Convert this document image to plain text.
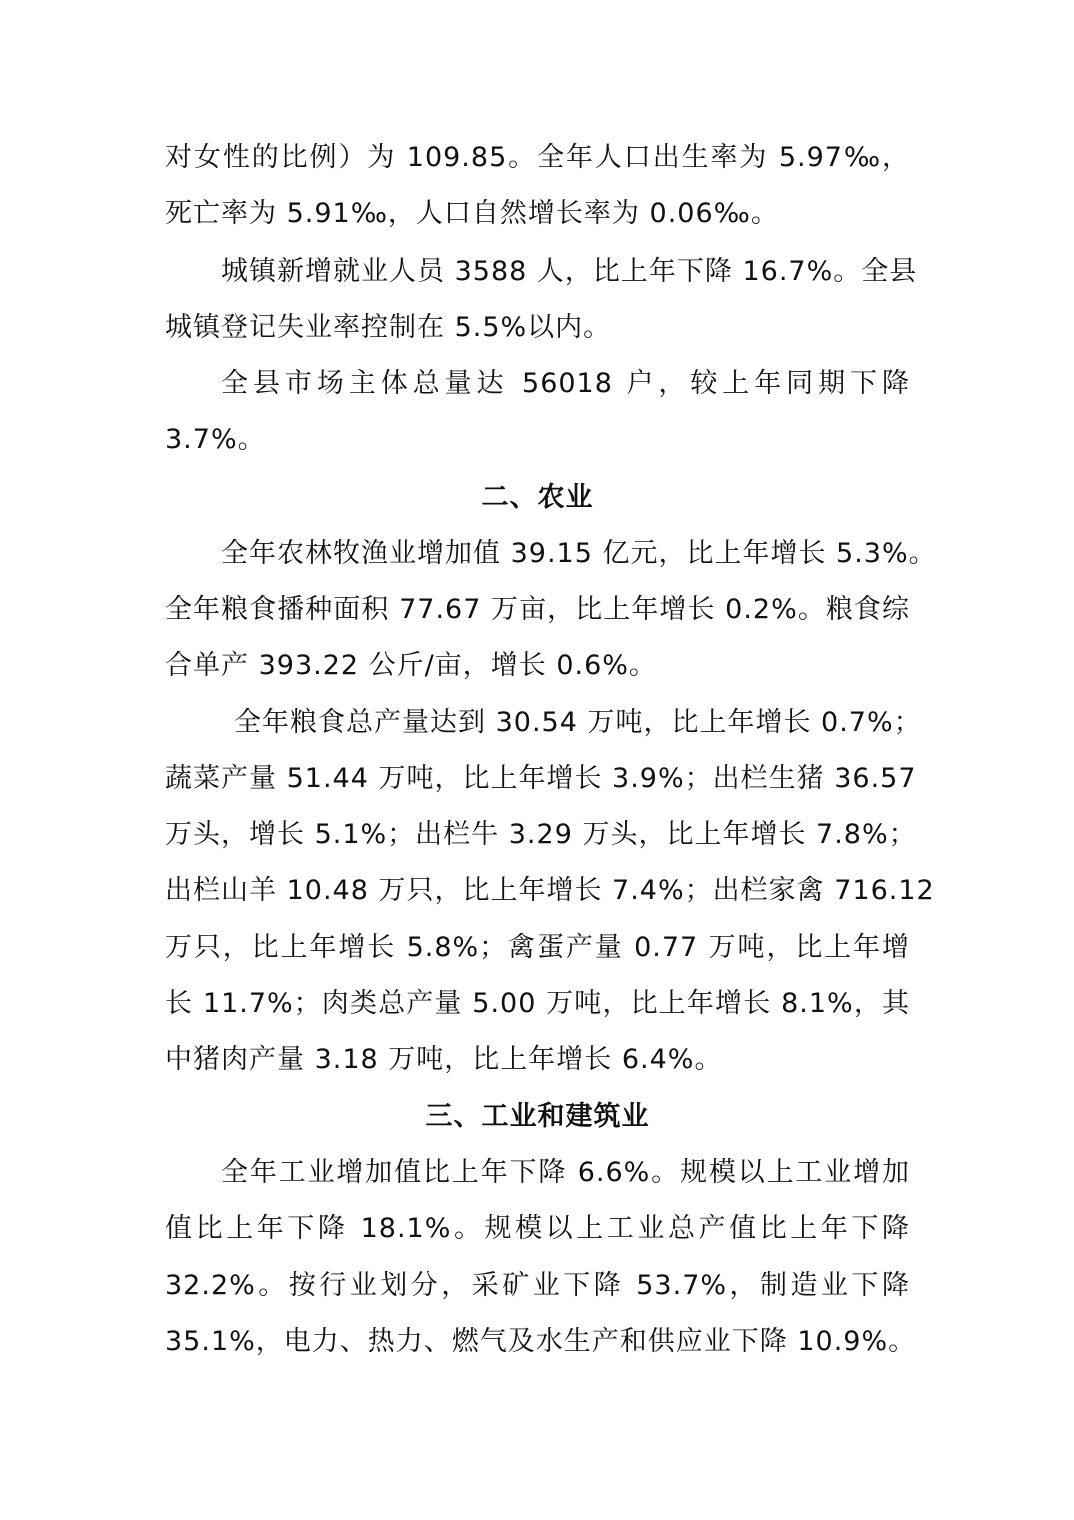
对女性的比例）为 109.85。全年人口出生率为 5.97‰，
死亡率为 5.91‰，人口自然增长率为 0.06‰。
城镇新增就业人员 3588 人，比上年下降 16.7%。全县
城镇登记失业率控制在 5.5%以内。
全县市场主体总量达 56018 户，较上年同期下降
3.7%。
二、农业
全年农林牧渔业增加值 39.15 亿元，比上年增长 5.3%。
全年粮食播种面积 77.67 万亩，比上年增长 0.2%。粮食综
合单产 393.22 公斤/亩，增长 0.6%。
全年粮食总产量达到 30.54 万吨，比上年增长 0.7%；
蔬菜产量 51.44 万吨，比上年增长 3.9%；出栏生猪 36.57
万头，增长 5.1%；出栏牛 3.29 万头，比上年增长 7.8%；
出栏山羊 10.48 万只，比上年增长 7.4%；出栏家禽 716.12
万只，比上年增长 5.8%；禽蛋产量 0.77 万吨，比上年增
长 11.7%；肉类总产量 5.00 万吨，比上年增长 8.1%，其
中猪肉产量 3.18 万吨，比上年增长 6.4%。
三、工业和建筑业
全年工业增加值比上年下降 6.6%。规模以上工业增加
值比上年下降 18.1%。规模以上工业总产值比上年下降
32.2%。按行业划分，采矿业下降 53.7%，制造业下降
35.1%，电力、热力、燃气及水生产和供应业下降 10.9%。
